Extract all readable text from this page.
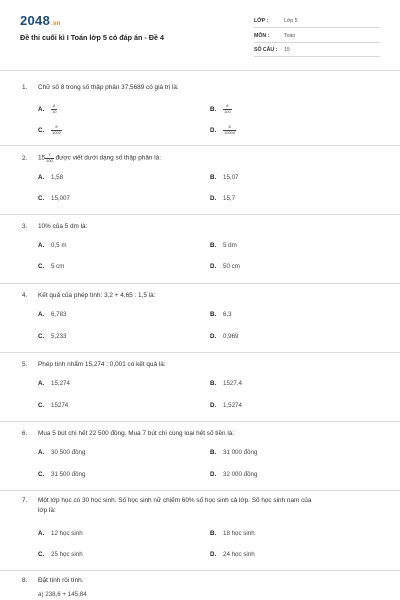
2048.vn
Đề thi cuối kì I Toán lớp 5 có đáp án - Đề 4
LỚP :	Lớp 5
MÔN :	Toán
SỐ CÂU : 15
1. Chữ số 8 trong số thập phân 37,5689 có giá trị là:
A. $\frac{8}{10}$	B. $\frac{8}{100}$
C. $\frac{8}{1000}$	D. $\frac{8}{10000}$
2. $15 \frac{7}{100}$ được viết dưới dạng số thập phân là:
A. 1,58	B. 15,07
C. 15,007	D. 15,7
3. 10% của 5 dm là:
A. 0,5 m	B. 5 dm
C. 5 cm	D. 50 cm
4. Kết quả của phép tính: 3,2 + 4,65 : 1,5 là:
A. 6,783	B. 6,3
C. 5,233	D. 0,969
5. Phép tính nhẩm 15,274 : 0,001 có kết quả là:
A. 15,274	B. 1527,4
C. 15274	D. 1,5274
6. Mua 5 bút chì hết 22 500 đồng. Mua 7 bút chì cùng loại hết số tiền là:
A. 30 500 đồng	B. 31 000 đồng
C. 31 500 đồng	D. 32 000 đồng
7. Một lớp học có 30 học sinh. Số học sinh nữ chiếm 60% số học sinh cả lớp. Số học sinh nam của
lớp là:
A. 12 học sinh	B. 18 học sinh
C. 25 học sinh	D. 24 học sinh
8. Đặt tính rồi tính.
a) 238,6 + 145,84
